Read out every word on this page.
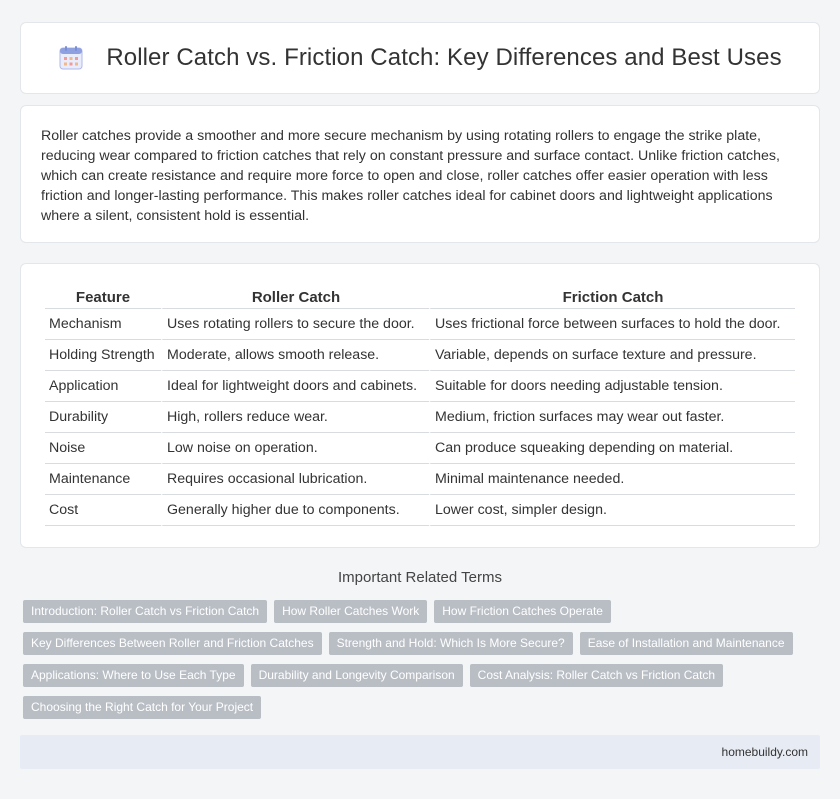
Roller Catch vs. Friction Catch: Key Differences and Best Uses

Roller catches provide a smoother and more secure mechanism by using rotating rollers to engage the strike plate, reducing wear compared to friction catches that rely on constant pressure and surface contact. Unlike friction catches, which can create resistance and require more force to open and close, roller catches offer easier operation with less friction and longer-lasting performance. This makes roller catches ideal for cabinet doors and lightweight applications where a silent, consistent hold is essential.

Feature	Roller Catch	Friction Catch
Mechanism	Uses rotating rollers to secure the door.	Uses frictional force between surfaces to hold the door.
Holding Strength	Moderate, allows smooth release.	Variable, depends on surface texture and pressure.
Application	Ideal for lightweight doors and cabinets.	Suitable for doors needing adjustable tension.
Durability	High, rollers reduce wear.	Medium, friction surfaces may wear out faster.
Noise	Low noise on operation.	Can produce squeaking depending on material.
Maintenance	Requires occasional lubrication.	Minimal maintenance needed.
Cost	Generally higher due to components.	Lower cost, simpler design.
Important Related Terms
Introduction: Roller Catch vs Friction Catch	How Roller Catches Work	How Friction Catches Operate
Key Differences Between Roller and Friction Catches	Strength and Hold: Which Is More Secure?	Ease of Installation and Maintenance
Applications: Where to Use Each Type	Durability and Longevity Comparison	Cost Analysis: Roller Catch vs Friction Catch
Choosing the Right Catch for Your Project
homebuildy.com
